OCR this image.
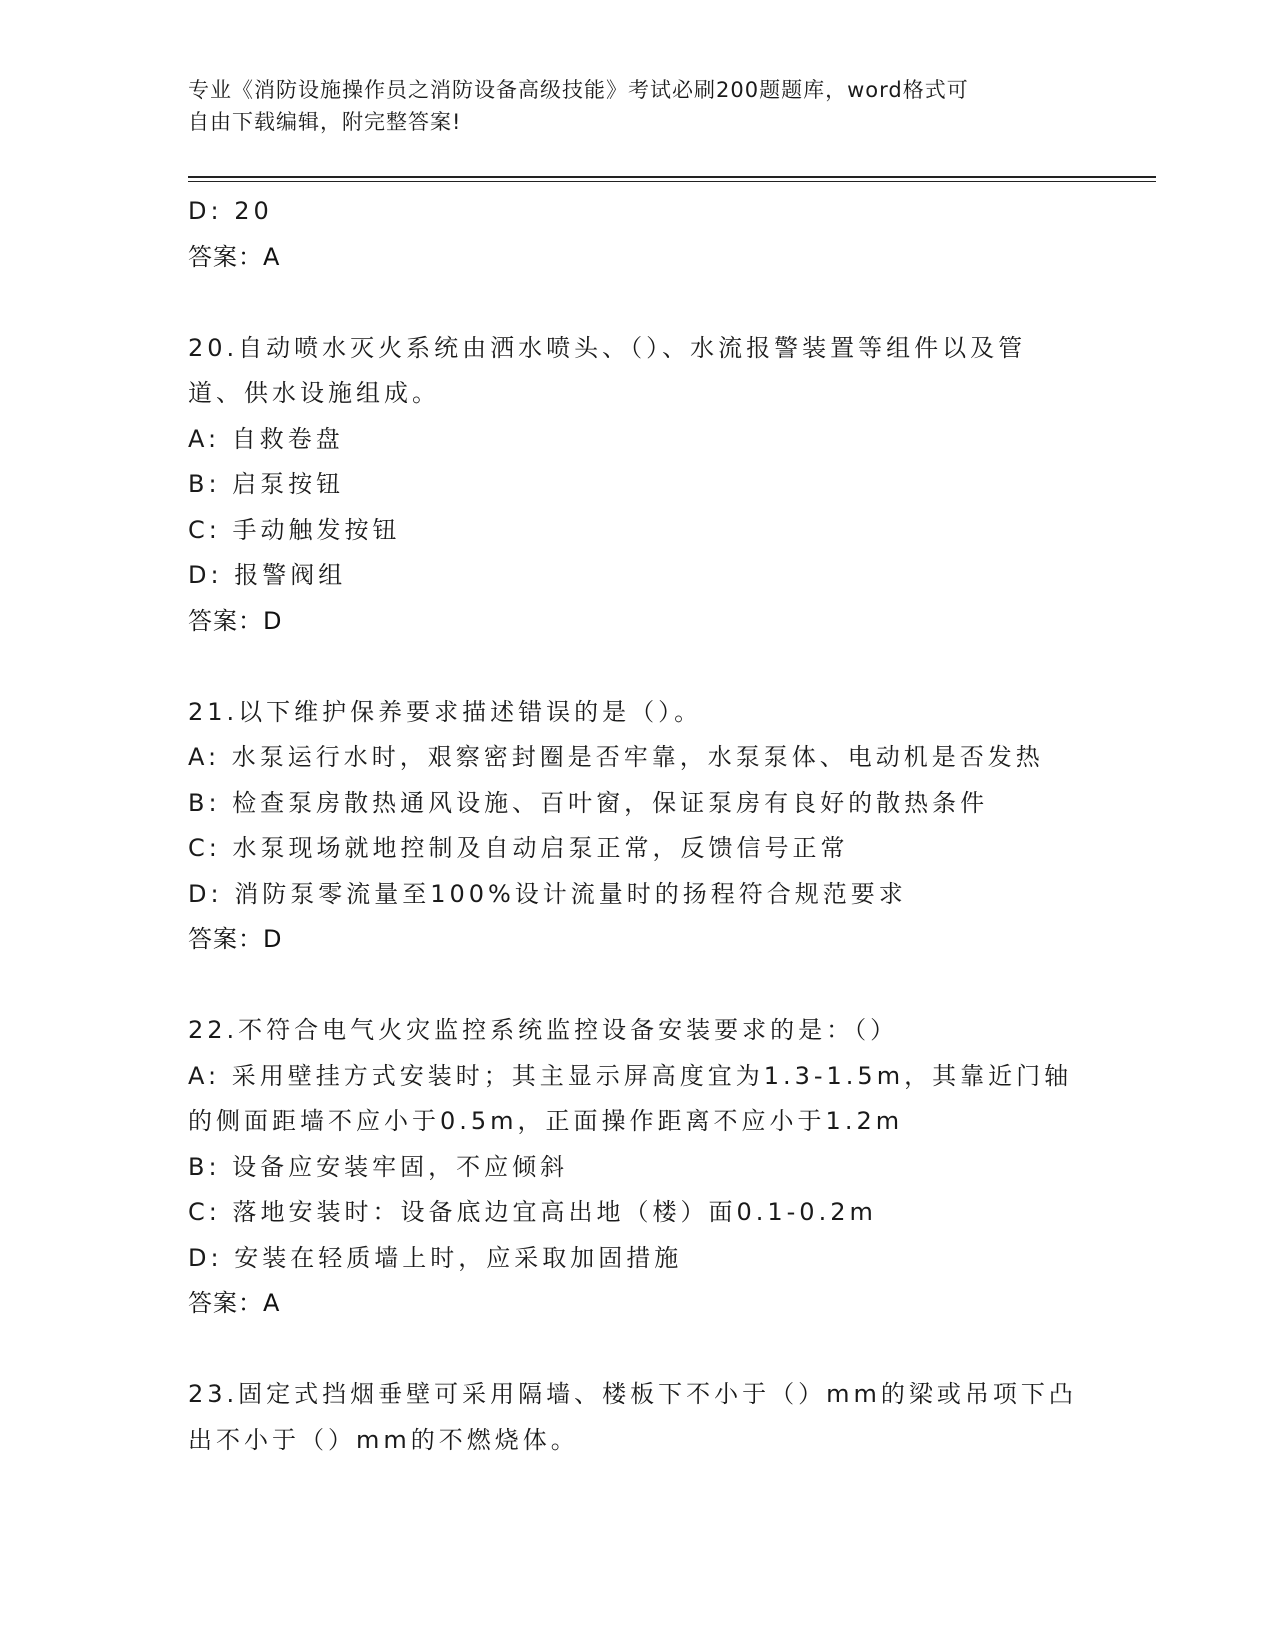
专业《消防设施操作员之消防设备高级技能》考试必刷200题题库，word格式可
自由下载编辑，附完整答案!
D: 20
答案：A
20.自动喷水灭火系统由洒水喷头、（）、水流报警装置等组件以及管
道、供水设施组成。
A: 自救卷盘
B: 启泵按钮
C: 手动触发按钮
D: 报警阀组
答案：D
21.以下维护保养要求描述错误的是（）。
A: 水泵运行水时，艰察密封圈是否牢靠，水泵泵体、电动机是否发热
B: 检查泵房散热通风设施、百叶窗，保证泵房有良好的散热条件
C: 水泵现场就地控制及自动启泵正常，反馈信号正常
D: 消防泵零流量至100%设计流量时的扬程符合规范要求
答案：D
22.不符合电气火灾监控系统监控设备安装要求的是：（）
A: 采用壁挂方式安装时；其主显示屏高度宜为1.3-1.5m，其靠近门轴
的侧面距墙不应小于0.5m，正面操作距离不应小于1.2m
B: 设备应安装牢固，不应倾斜
C: 落地安装时：设备底边宜高出地（楼）面0.1-0.2m
D: 安装在轻质墙上时，应采取加固措施
答案：A
23.固定式挡烟垂壁可采用隔墙、楼板下不小于（）mm的梁或吊项下凸
出不小于（）mm的不燃烧体。
